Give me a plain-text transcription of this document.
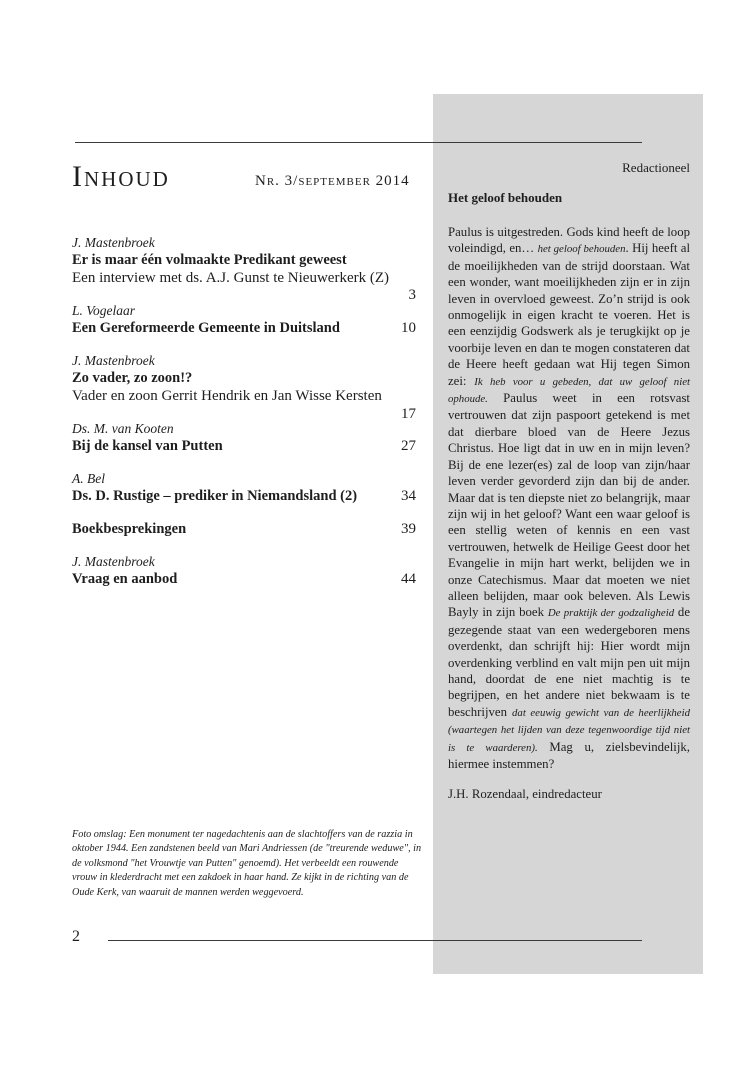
Inhoud	Nr. 3/september 2014

J. Mastenbroek
Er is maar één volmaakte Predikant geweest
Een interview met ds. A.J. Gunst te Nieuwerkerk (Z)
3
L. Vogelaar
Een Gereformeerde Gemeente in Duitsland	10
J. Mastenbroek
Zo vader, zo zoon!?
Vader en zoon Gerrit Hendrik en Jan Wisse Kersten
17
Ds. M. van Kooten
Bij de kansel van Putten	27
A. Bel
Ds. D. Rustige – prediker in Niemandsland (2)	34
Boekbesprekingen	39
J. Mastenbroek
Vraag en aanbod	44

Foto omslag: Een monument ter nagedachtenis aan de slachtoffers van de razzia in oktober 1944. Een zandstenen beeld van Mari Andriessen (de "treurende weduwe", in de volksmond "het Vrouwtje van Putten" genoemd). Het verbeeldt een rouwende vrouw in klederdracht met een zakdoek in haar hand. Ze kijkt in de richting van de Oude Kerk, van waaruit de mannen werden weggevoerd.

2

Redactioneel

Het geloof behouden

Paulus is uitgestreden. Gods kind heeft de loop voleindigd, en… het geloof behouden. Hij heeft al de moeilijkheden van de strijd doorstaan. Wat een wonder, want moeilijkheden zijn er in zijn leven in overvloed geweest. Zo’n strijd is ook onmogelijk in eigen kracht te voeren. Het is een eenzijdig Godswerk als je terugkijkt op je voorbije leven en dan te mogen constateren dat de Heere heeft gedaan wat Hij tegen Simon zei: Ik heb voor u gebeden, dat uw geloof niet ophoude. Paulus weet in een rotsvast vertrouwen dat zijn paspoort getekend is met dat dierbare bloed van de Heere Jezus Christus. Hoe ligt dat in uw en in mijn leven? Bij de ene lezer(es) zal de loop van zijn/haar leven verder gevorderd zijn dan bij de ander. Maar dat is ten diepste niet zo belangrijk, maar zijn wij in het geloof? Want een waar geloof is een stellig weten of kennis en een vast vertrouwen, hetwelk de Heilige Geest door het Evangelie in mijn hart werkt, belijden we in onze Catechismus. Maar dat moeten we niet alleen belijden, maar ook beleven. Als Lewis Bayly in zijn boek De praktijk der godzaligheid de gezegende staat van een wedergeboren mens overdenkt, dan schrijft hij: Hier wordt mijn overdenking verblind en valt mijn pen uit mijn hand, doordat de ene niet machtig is te begrijpen, en het andere niet bekwaam is te beschrijven dat eeuwig gewicht van de heerlijkheid (waartegen het lijden van deze tegenwoordige tijd niet is te waarderen). Mag u, zielsbevindelijk, hiermee instemmen?

J.H. Rozendaal, eindredacteur
